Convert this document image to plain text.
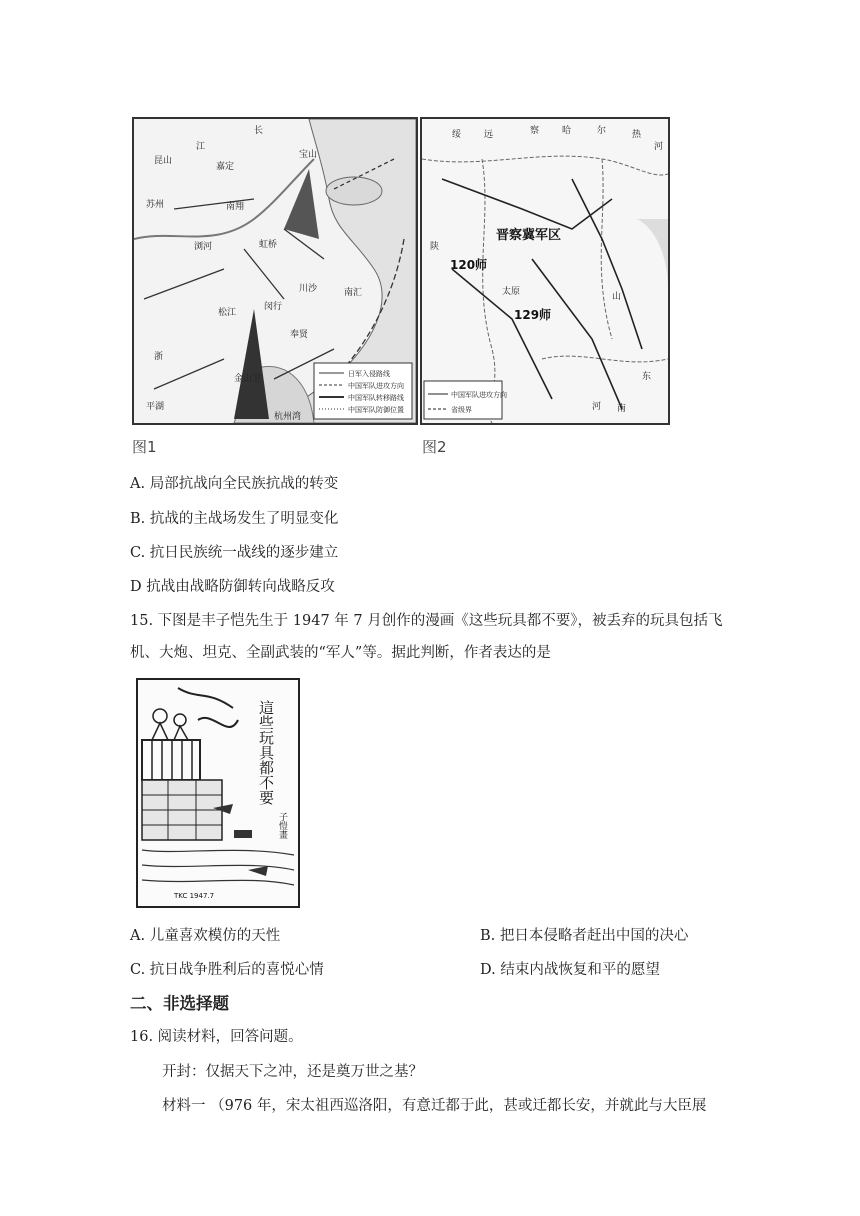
昆山
嘉定
宝山
苏州	南翔
浏河	虹桥
松江
闵行
川沙	南汇
奉贤
金山卫
平湖
杭州湾
长
江
浙
日军入侵路线
中国军队进攻方向
中国军队转移路线
中国军队防御位置
绥	远	察	哈	尔	热
河
太原	山
东
河 南
陕
晋察冀军区
120师
129师
中国军队进攻方向
省级界
图1	图2
A. 局部抗战向全民族抗战的转变
B. 抗战的主战场发生了明显变化
C. 抗日民族统一战线的逐步建立
D 抗战由战略防御转向战略反攻
15. 下图是丰子恺先生于 1947 年 7 月创作的漫画《这些玩具都不要》，被丢弃的玩具包括飞
机、大炮、坦克、全副武装的“军人”等。据此判断，作者表达的是
這些玩具都不要
子愷畫
TKC 1947.7
A. 儿童喜欢模仿的天性	B. 把日本侵略者赶出中国的决心
C. 抗日战争胜利后的喜悦心情	D. 结束内战恢复和平的愿望
二、非选择题
16. 阅读材料，回答问题。
开封：仅据天下之冲，还是奠万世之基？
材料一 （976 年，宋太祖西巡洛阳，有意迁都于此，甚或迁都长安，并就此与大臣展
